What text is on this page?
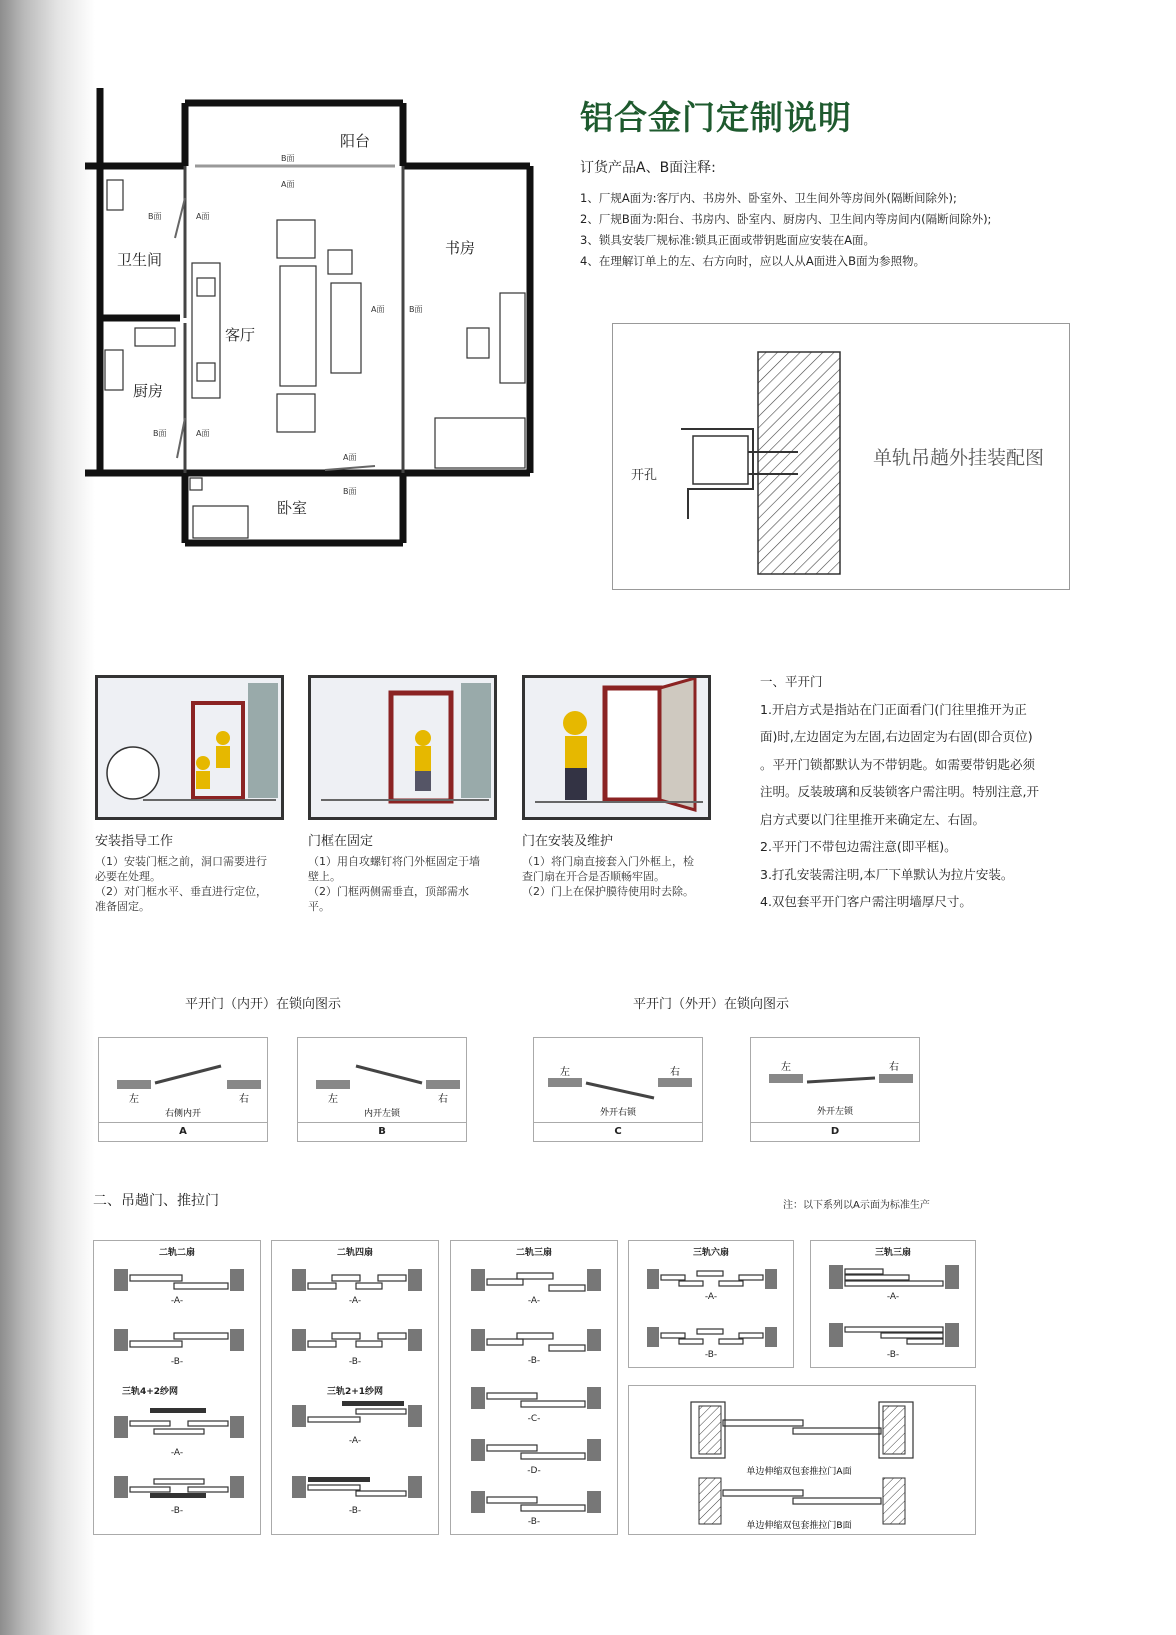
阳台
卫生间
客厅
厨房
书房
卧室
B面
A面
B面	A面
A面	B面
B面	A面
A面
B面
铝合金门定制说明
订货产品A、B面注释:
1、厂规A面为:客厅内、书房外、卧室外、卫生间外等房间外(隔断间除外);
2、厂规B面为:阳台、书房内、卧室内、厨房内、卫生间内等房间内(隔断间除外);
3、锁具安装厂规标准:锁具正面或带钥匙面应安装在A面。
4、在理解订单上的左、右方向时，应以人从A面进入B面为参照物。
开孔
单轨吊趟外挂装配图
安装指导工作
（1）安装门框之前，洞口需要进行必要在处理。
（2）对门框水平、垂直进行定位，准备固定。
门框在固定
（1）用自攻螺钉将门外框固定于墙壁上。
（2）门框两侧需垂直，顶部需水平。
门在安装及维护
（1）将门扇直接套入门外框上，检查门扇在开合是否顺畅牢固。
（2）门上在保护膜待使用时去除。
一、平开门
1.开启方式是指站在门正面看门(门往里推开为正
面)时,左边固定为左固,右边固定为右固(即合页位)
。平开门锁都默认为不带钥匙。如需要带钥匙必须
注明。反装玻璃和反装锁客户需注明。特别注意,开
启方式要以门往里推开来确定左、右固。
2.平开门不带包边需注意(即平框)。
3.打孔安装需注明,本厂下单默认为拉片安装。
4.双包套平开门客户需注明墙厚尺寸。
平开门（内开）在锁向图示	平开门（外开）在锁向图示
左	右
右侧内开
A
左	右
内开左锁
B
左	右
外开右锁
C
左	右
外开左锁
D
二、吊趟门、推拉门	注：以下系列以A示面为标准生产
二轨二扇
-A-
-B-
三轨4+2纱网
-A-
-B-
二轨四扇
-A-
-B-
三轨2+1纱网
-A-
-B-
二轨三扇
-A-
-B-
-C-
-D-
-B-
三轨六扇
-A-
-B-
三轨三扇
-A-
-B-
单边伸缩双包套推拉门A面
单边伸缩双包套推拉门B面
